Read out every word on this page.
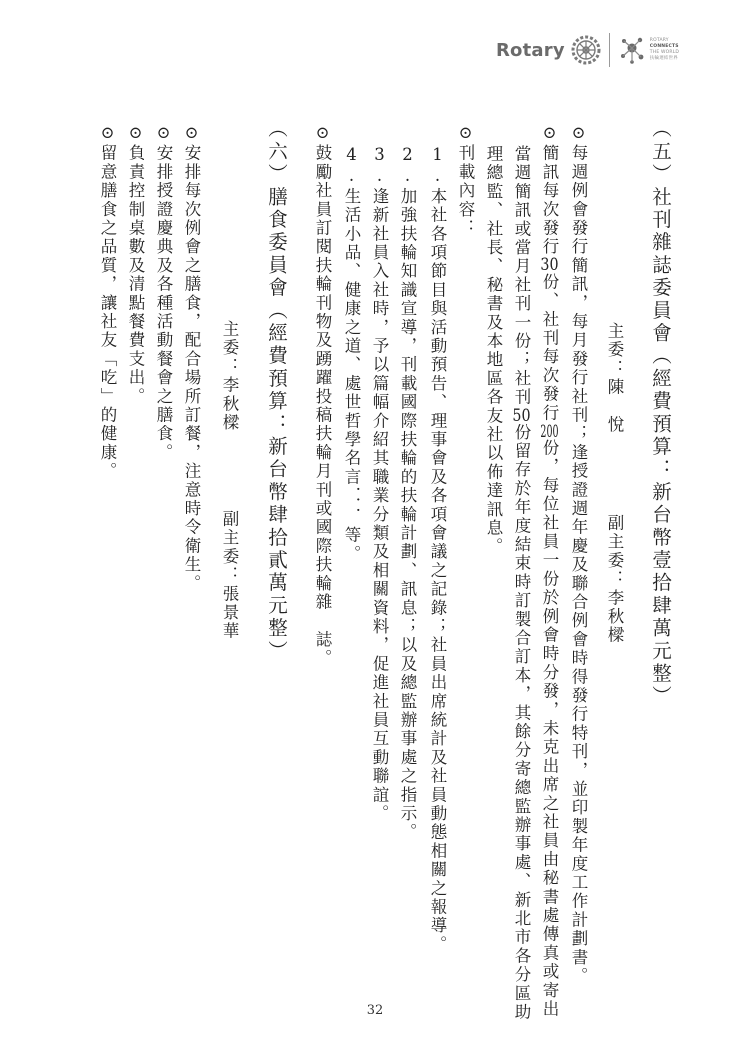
Rotary	ROTARY
CONNECTS
THE WORLD
扶輪連結世界
（五）社刊雜誌委員會（經費預算：新台幣壹拾肆萬元整）
主委：陳　悅
副主委：李秋樑
⊙每週例會發行簡訊，每月發行社刊；逢授證週年慶及聯合例會時得發行特刊，並印製年度工作計劃書。
⊙簡訊每次發行30份、社刊每次發行200份，每位社員一份於例會時分發，未克出席之社員由秘書處傳真或寄出
當週簡訊或當月社刊一份；社刊50份留存於年度結束時訂製合訂本，其餘分寄總監辦事處、新北市各分區助
理總監、社長、秘書及本地區各友社以佈達訊息。
⊙刊載內容：
1.本社各項節目與活動預告、理事會及各項會議之記錄；社員出席統計及社員動態相關之報導。
2.加強扶輪知識宣導，刊載國際扶輪的扶輪計劃、訊息；以及總監辦事處之指示。
3.逢新社員入社時，予以篇幅介紹其職業分類及相關資料，促進社員互動聯誼。
4.生活小品、健康之道、處世哲學名言．．．等。
⊙鼓勵社員訂閱扶輪刊物及踴躍投稿扶輪月刊或國際扶輪雜　誌。
（六）膳食委員會（經費預算：新台幣肆拾貳萬元整）
主委：李秋樑
副主委：張景華
⊙安排每次例會之膳食，配合場所訂餐，注意時令衛生。
⊙安排授證慶典及各種活動餐會之膳食。
⊙負責控制桌數及清點餐費支出。
⊙留意膳食之品質，讓社友「吃」的健康。
32
